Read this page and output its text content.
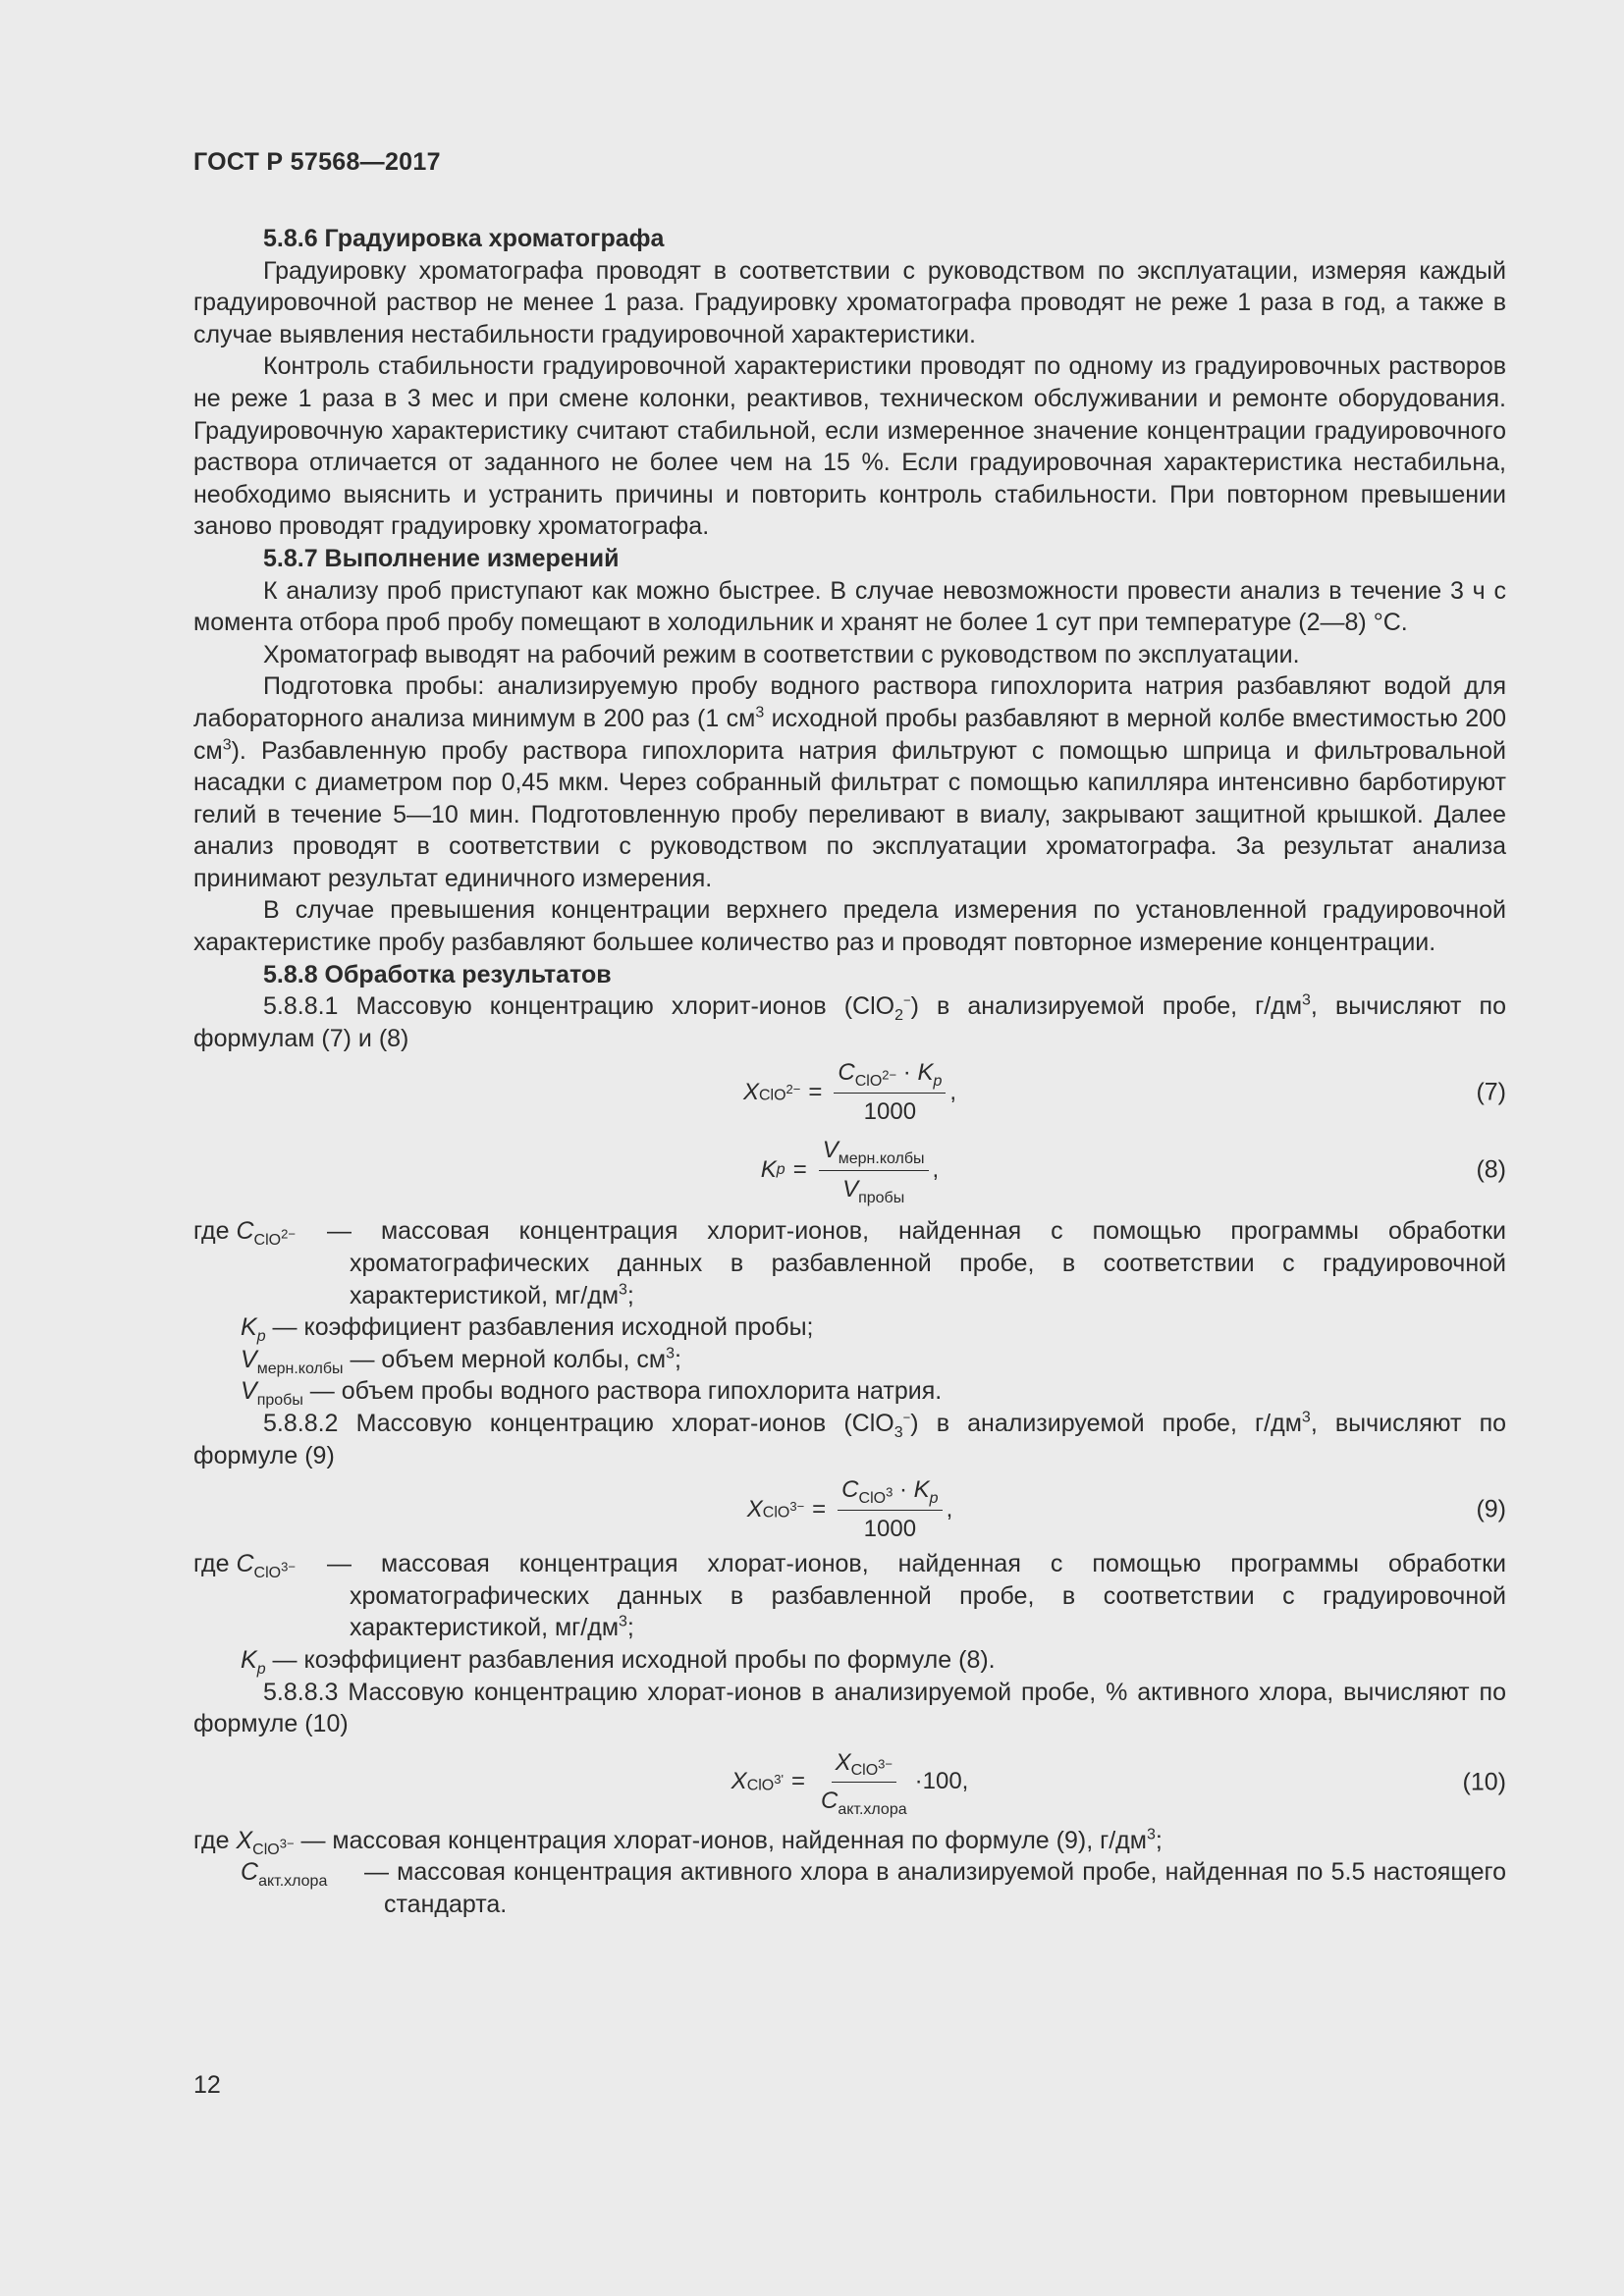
ГОСТ Р 57568—2017

5.8.6 Градуировка хроматографа

Градуировку хроматографа проводят в соответствии с руководством по эксплуатации, измеряя каждый градуировочной раствор не менее 1 раза. Градуировку хроматографа проводят не реже 1 раза в год, а также в случае выявления нестабильности градуировочной характеристики.

Контроль стабильности градуировочной характеристики проводят по одному из градуировочных растворов не реже 1 раза в 3 мес и при смене колонки, реактивов, техническом обслуживании и ремонте оборудования. Градуировочную характеристику считают стабильной, если измеренное значение концентрации градуировочного раствора отличается от заданного не более чем на 15 %. Если градуировочная характеристика нестабильна, необходимо выяснить и устранить причины и повторить контроль стабильности. При повторном превышении заново проводят градуировку хроматографа.

5.8.7 Выполнение измерений

К анализу проб приступают как можно быстрее. В случае невозможности провести анализ в течение 3 ч с момента отбора проб пробу помещают в холодильник и хранят не более 1 сут при температуре (2—8) °С.

Хроматограф выводят на рабочий режим в соответствии с руководством по эксплуатации.

Подготовка пробы: анализируемую пробу водного раствора гипохлорита натрия разбавляют водой для лабораторного анализа минимум в 200 раз (1 $см^3$ исходной пробы разбавляют в мерной колбе вместимостью 200 $см^3$). Разбавленную пробу раствора гипохлорита натрия фильтруют с помощью шприца и фильтровальной насадки с диаметром пор 0,45 мкм. Через собранный фильтрат с помощью капилляра интенсивно барботируют гелий в течение 5—10 мин. Подготовленную пробу переливают в виалу, закрывают защитной крышкой. Далее анализ проводят в соответствии с руководством по эксплуатации хроматографа. За результат анализа принимают результат единичного измерения.

В случае превышения концентрации верхнего предела измерения по установленной градуировочной характеристике пробу разбавляют большее количество раз и проводят повторное измерение концентрации.

5.8.8 Обработка результатов

5.8.8.1 Массовую концентрацию хлорит-ионов (ClO$_2$−) в анализируемой пробе, $г/дм^3$, вычисляют по формулам (7) и (8)

X $ClO_2^- = \frac{C_{ClO_2^-} \cdot K_p}{1000}$ ,	(7)
K $p = \frac{V_{мерн.колбы}}{V_{пробы}}$ ,	(8)
где $C_{ClO_2^-}$	— массовая концентрация хлорит-ионов, найденная с помощью программы обработки хроматографических данных в разбавленной пробе, в соответствии с градуировочной характеристикой, $мг/дм^3$;

$K_p$ — коэффициент разбавления исходной пробы;

$V_{мерн.колбы}$ — объем мерной колбы, $см^3$;

$V_{пробы}$ — объем пробы водного раствора гипохлорита натрия.

5.8.8.2 Массовую концентрацию хлорат-ионов (ClO$_3$−) в анализируемой пробе, $г/дм^3$, вычисляют по формуле (9)

X $ClO_3^- = \frac{C_{ClO_3} \cdot K_p}{1000}$ ,	(9)
где $C_{ClO_3^-}$	— массовая концентрация хлорат-ионов, найденная с помощью программы обработки хроматографических данных в разбавленной пробе, в соответствии с градуировочной характеристикой, $мг/дм^3$;

$K_p$ — коэффициент разбавления исходной пробы по формуле (8).

5.8.8.3 Массовую концентрацию хлорат-ионов в анализируемой пробе, % активного хлора, вычисляют по формуле (10)

X $ClO_3' = \frac{X_{ClO_3^-}}{C_{акт.хлора}} \cdot 100$,	(10)

где $X_{ClO_3^-}$ — массовая концентрация хлорат-ионов, найденная по формуле (9), $г/дм^3$;

$C_{акт.хлора}$	— массовая концентрация активного хлора в анализируемой пробе, найденная по 5.5 настоящего стандарта.
12
